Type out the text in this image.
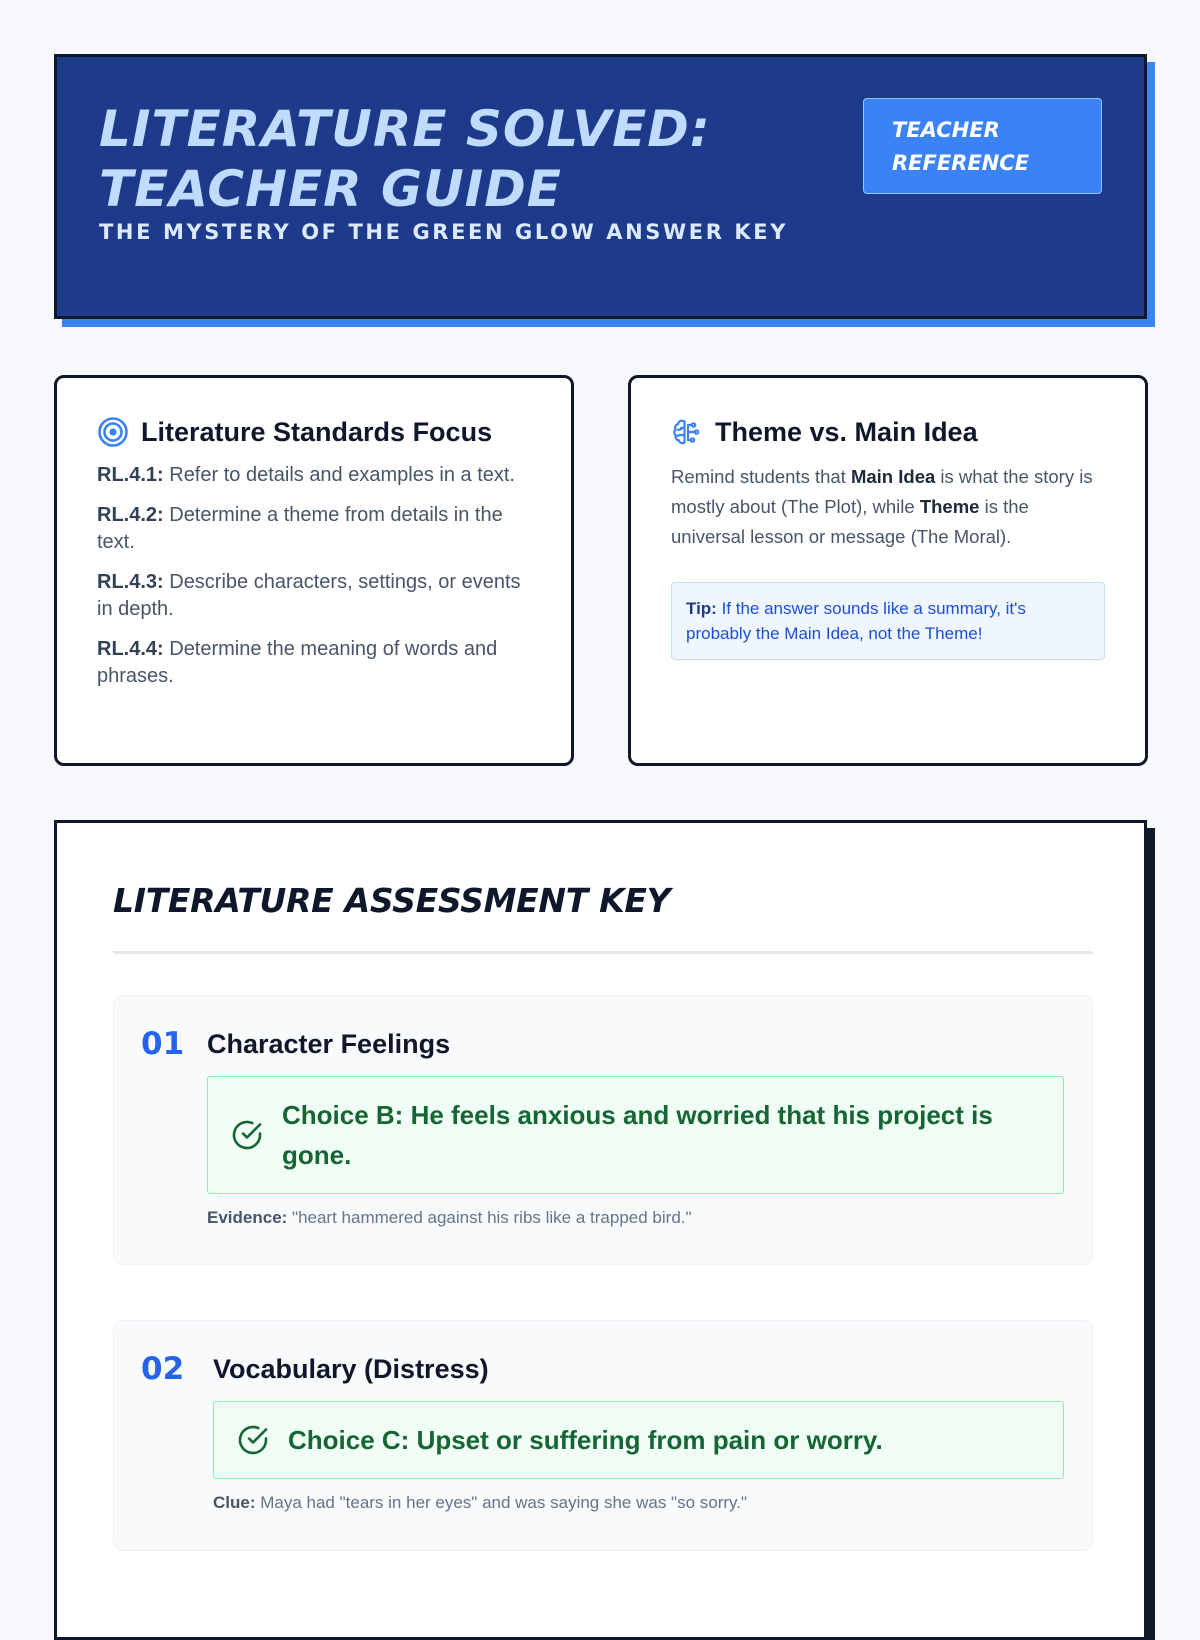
LITERATURE SOLVED: TEACHER GUIDE
THE MYSTERY OF THE GREEN GLOW ANSWER KEY
TEACHER REFERENCE
Literature Standards Focus
RL.4.1: Refer to details and examples in a text.
RL.4.2: Determine a theme from details in the text.
RL.4.3: Describe characters, settings, or events in depth.
RL.4.4: Determine the meaning of words and phrases.
Theme vs. Main Idea

Remind students that Main Idea is what the story is mostly about (The Plot), while Theme is the universal lesson or message (The Moral).

Tip: If the answer sounds like a summary, it's probably the Main Idea, not the Theme!
LITERATURE ASSESSMENT KEY
01 Character Feelings
Choice B: He feels anxious and worried that his project is gone.
Evidence: "heart hammered against his ribs like a trapped bird."
02 Vocabulary (Distress)
Choice C: Upset or suffering from pain or worry.
Clue: Maya had "tears in her eyes" and was saying she was "so sorry."
